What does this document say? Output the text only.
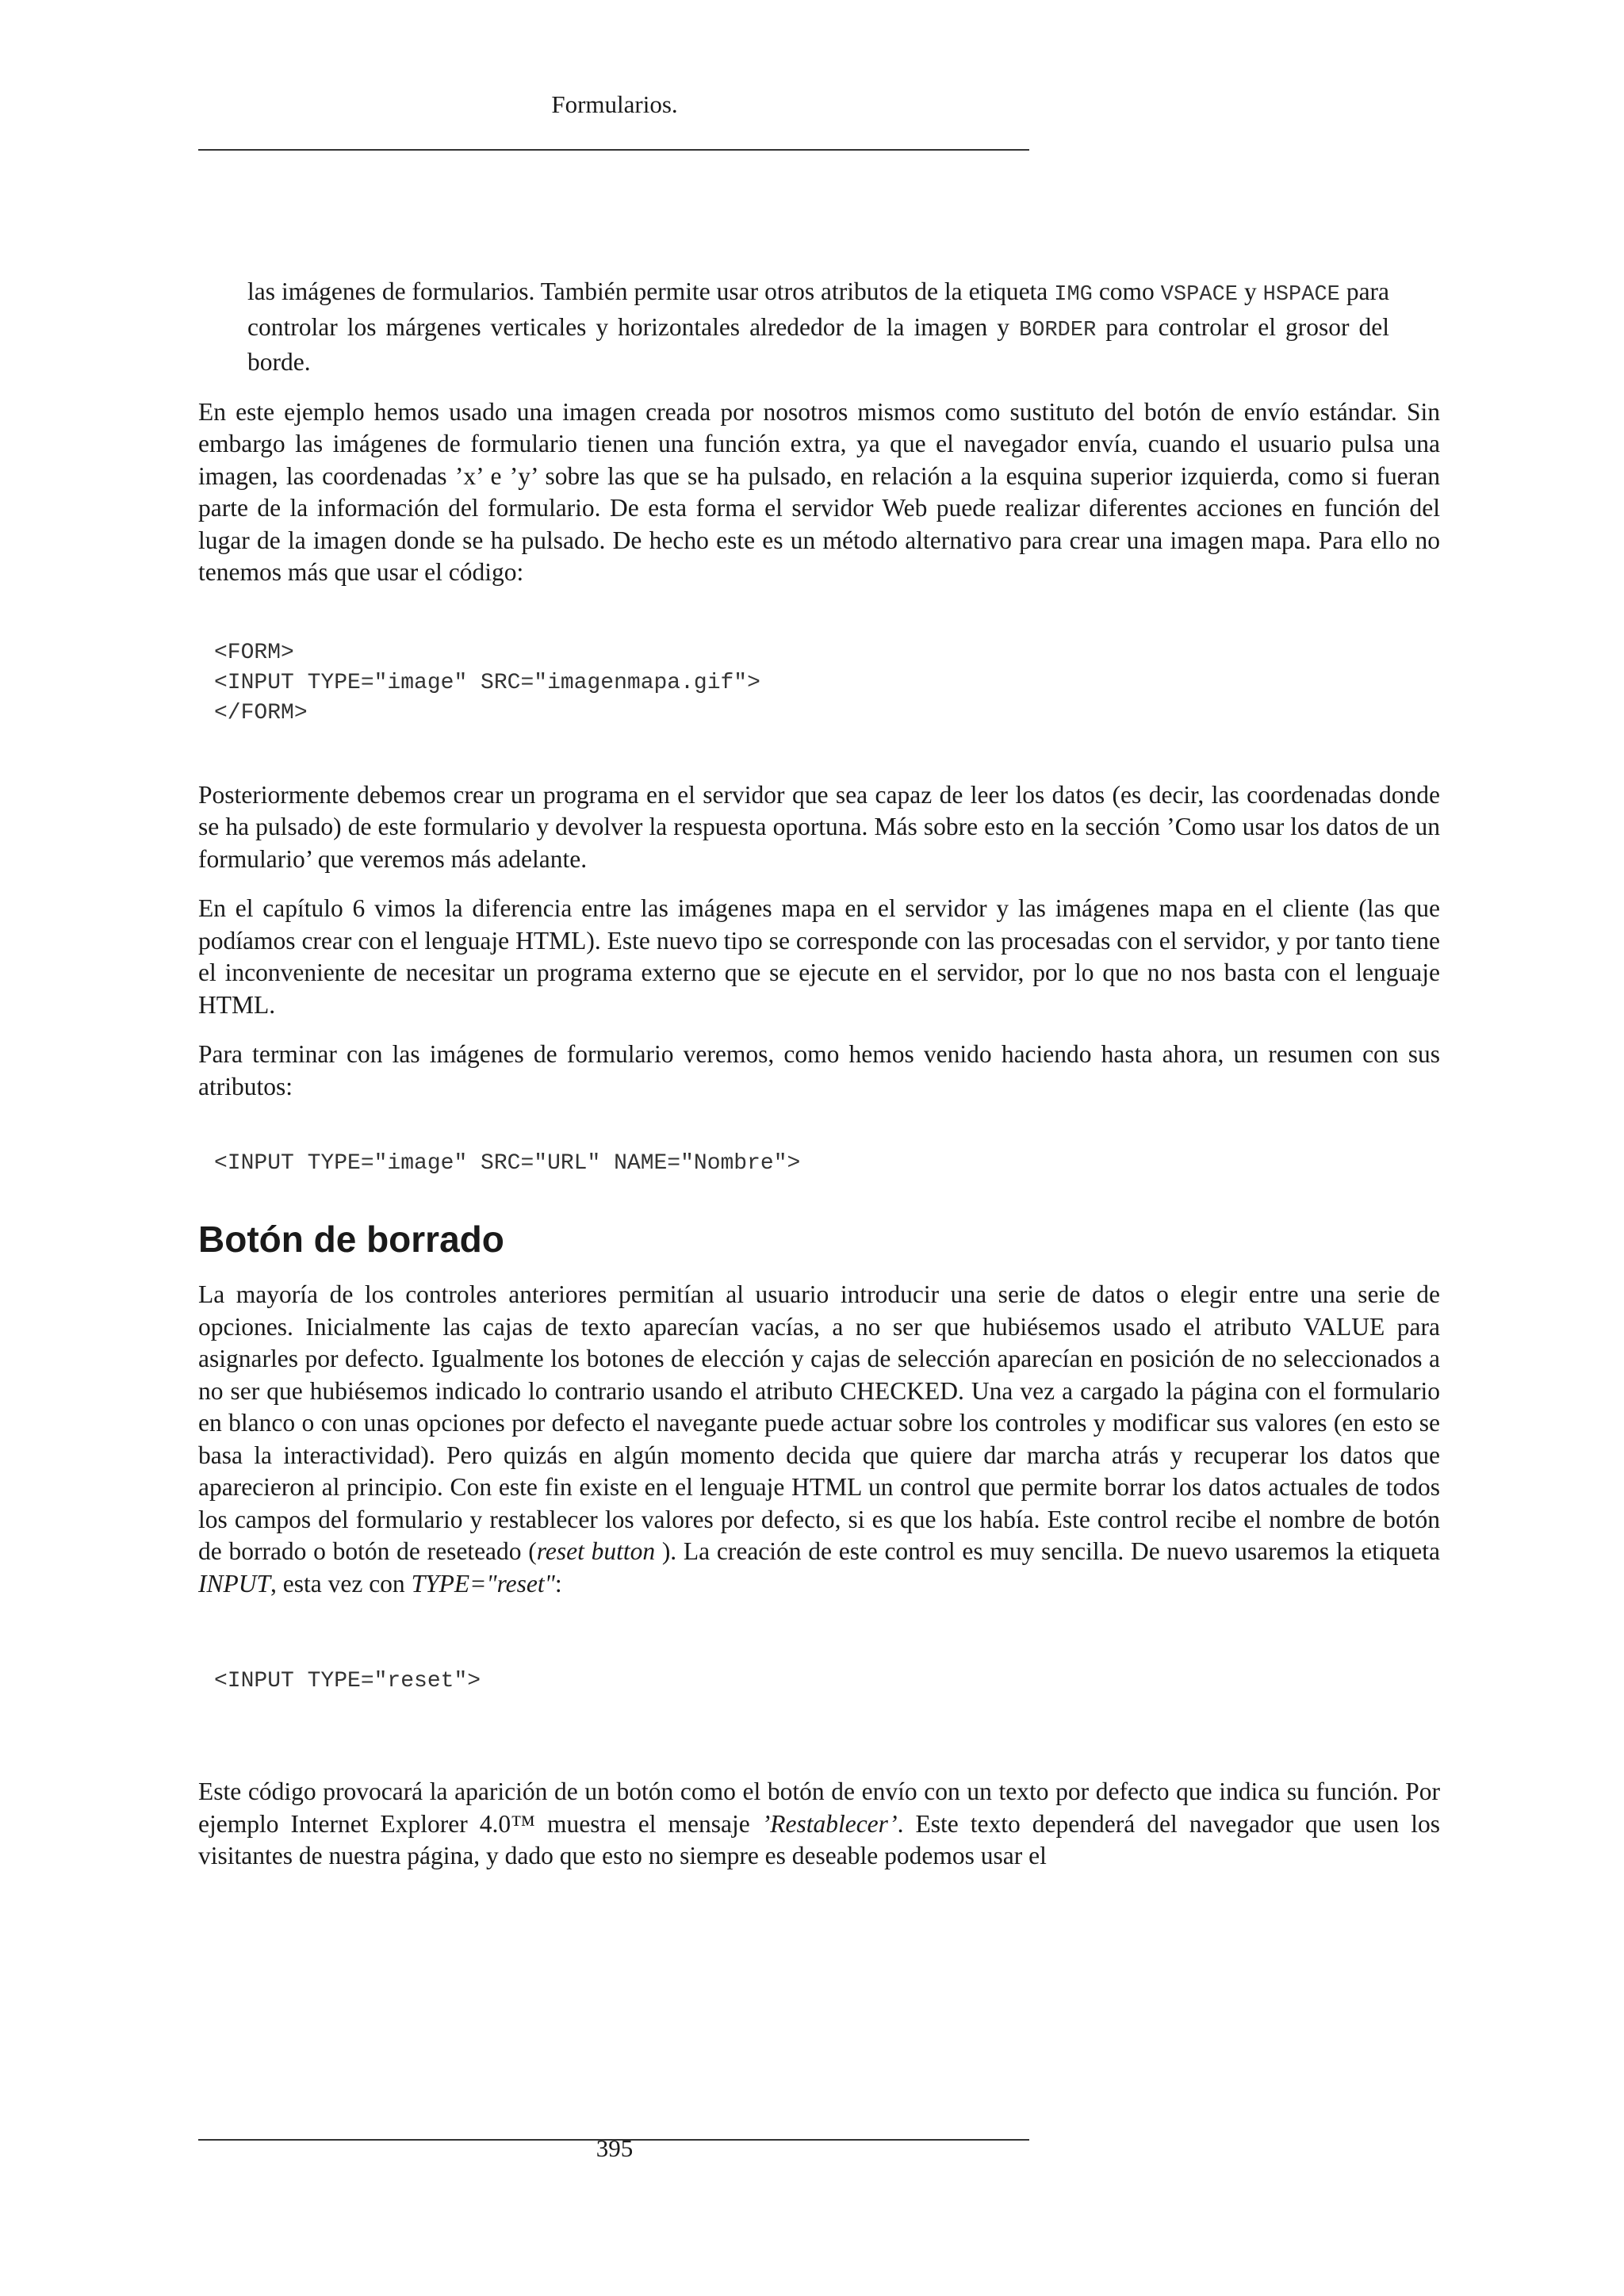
Formularios.

las imágenes de formularios. También permite usar otros atributos de la etiqueta IMG como VSPACE y HSPACE para controlar los márgenes verticales y horizontales alrededor de la imagen y BORDER para controlar el grosor del borde.

En este ejemplo hemos usado una imagen creada por nosotros mismos como sustituto del botón de envío estándar. Sin embargo las imágenes de formulario tienen una función extra, ya que el navegador envía, cuando el usuario pulsa una imagen, las coordenadas ’x’ e ’y’ sobre las que se ha pulsado, en relación a la esquina superior izquierda, como si fueran parte de la información del formulario. De esta forma el servidor Web puede realizar diferentes acciones en función del lugar de la imagen donde se ha pulsado. De hecho este es un método alternativo para crear una imagen mapa. Para ello no tenemos más que usar el código:

<FORM>
<INPUT TYPE="image" SRC="imagenmapa.gif">
</FORM>

Posteriormente debemos crear un programa en el servidor que sea capaz de leer los datos (es decir, las coordenadas donde se ha pulsado) de este formulario y devolver la respuesta oportuna. Más sobre esto en la sección ’Como usar los datos de un formulario’ que veremos más adelante.

En el capítulo 6 vimos la diferencia entre las imágenes mapa en el servidor y las imágenes mapa en el cliente (las que podíamos crear con el lenguaje HTML). Este nuevo tipo se corresponde con las procesadas con el servidor, y por tanto tiene el inconveniente de necesitar un programa externo que se ejecute en el servidor, por lo que no nos basta con el lenguaje HTML.

Para terminar con las imágenes de formulario veremos, como hemos venido haciendo hasta ahora, un resumen con sus atributos:

<INPUT TYPE="image" SRC="URL" NAME="Nombre">
Botón de borrado

La mayoría de los controles anteriores permitían al usuario introducir una serie de datos o elegir entre una serie de opciones. Inicialmente las cajas de texto aparecían vacías, a no ser que hubiésemos usado el atributo VALUE para asignarles por defecto. Igualmente los botones de elección y cajas de selección aparecían en posición de no seleccionados a no ser que hubiésemos indicado lo contrario usando el atributo CHECKED. Una vez a cargado la página con el formulario en blanco o con unas opciones por defecto el navegante puede actuar sobre los controles y modificar sus valores (en esto se basa la interactividad). Pero quizás en algún momento decida que quiere dar marcha atrás y recuperar los datos que aparecieron al principio. Con este fin existe en el lenguaje HTML un control que permite borrar los datos actuales de todos los campos del formulario y restablecer los valores por defecto, si es que los había. Este control recibe el nombre de botón de borrado o botón de reseteado (reset button ). La creación de este control es muy sencilla. De nuevo usaremos la etiqueta INPUT, esta vez con TYPE="reset":

<INPUT TYPE="reset">

Este código provocará la aparición de un botón como el botón de envío con un texto por defecto que indica su función. Por ejemplo Internet Explorer 4.0™ muestra el mensaje ’Restablecer’. Este texto dependerá del navegador que usen los visitantes de nuestra página, y dado que esto no siempre es deseable podemos usar el

395
